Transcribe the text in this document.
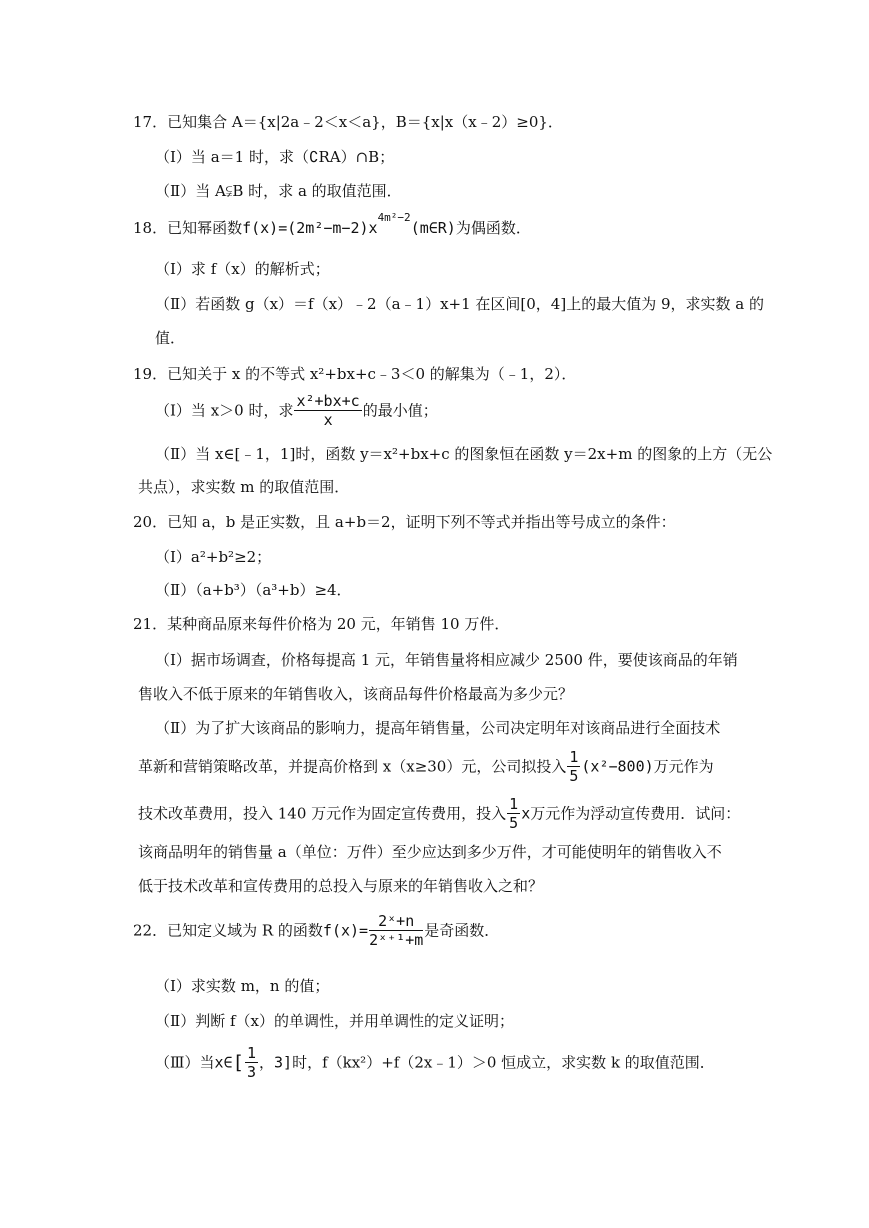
17．已知集合 A＝{x|2a﹣2＜x＜a}，B＝{x|x（x﹣2）≥0}．
（Ⅰ）当 a＝1 时，求（∁RA）∩B；
（Ⅱ）当 A⫋B 时，求 a 的取值范围．
18．已知幂函数$f(x)=(2m^2-m-2)x^{4m^2-2}(m\in R)$为偶函数．
（Ⅰ）求 f（x）的解析式；
（Ⅱ）若函数 g（x）＝f（x）﹣2（a﹣1）x+1 在区间[0，4]上的最大值为 9，求实数 a 的
值．
19．已知关于 x 的不等式 x²+bx+c﹣3＜0 的解集为（﹣1，2）．
（Ⅰ）当 x＞0 时，求 $\frac{\text{x²+bx+c}}{x}$ 的最小值；
（Ⅱ）当 x∈[﹣1，1]时，函数 y＝x²+bx+c 的图象恒在函数 y＝2x+m 的图象的上方（无公
共点），求实数 m 的取值范围．
20．已知 a，b 是正实数，且 a+b＝2，证明下列不等式并指出等号成立的条件：
（Ⅰ）a²+b²≥2；
（Ⅱ）（a+b³）（a³+b）≥4．
21．某种商品原来每件价格为 20 元，年销售 10 万件．
（Ⅰ）据市场调查，价格每提高 1 元，年销售量将相应减少 2500 件，要使该商品的年销
售收入不低于原来的年销售收入，该商品每件价格最高为多少元？
（Ⅱ）为了扩大该商品的影响力，提高年销售量，公司决定明年对该商品进行全面技术
革新和营销策略改革，并提高价格到 x（x≥30）元，公司拟投入 $\frac{1}{5} (x^2-800)$万元作为
技术改革费用，投入 140 万元作为固定宣传费用，投入 $\frac{1}{5}$ x万元作为浮动宣传费用．试问：
该商品明年的销售量 a（单位：万件）至少应达到多少万件，才可能使明年的销售收入不
低于技术改革和宣传费用的总投入与原来的年销售收入之和？
22．已知定义域为 R 的函数$f(x)= \frac{\text{2ˣ+n}}{\text{2ˣ⁺¹+m}}$ 是奇函数．
（Ⅰ）求实数 m，n 的值；
（Ⅱ）判断 f（x）的单调性，并用单调性的定义证明；
（Ⅲ）当x∈[ $\frac{1}{3}$ ，3]时，f（kx²）+f（2x﹣1）＞0 恒成立，求实数 k 的取值范围．
